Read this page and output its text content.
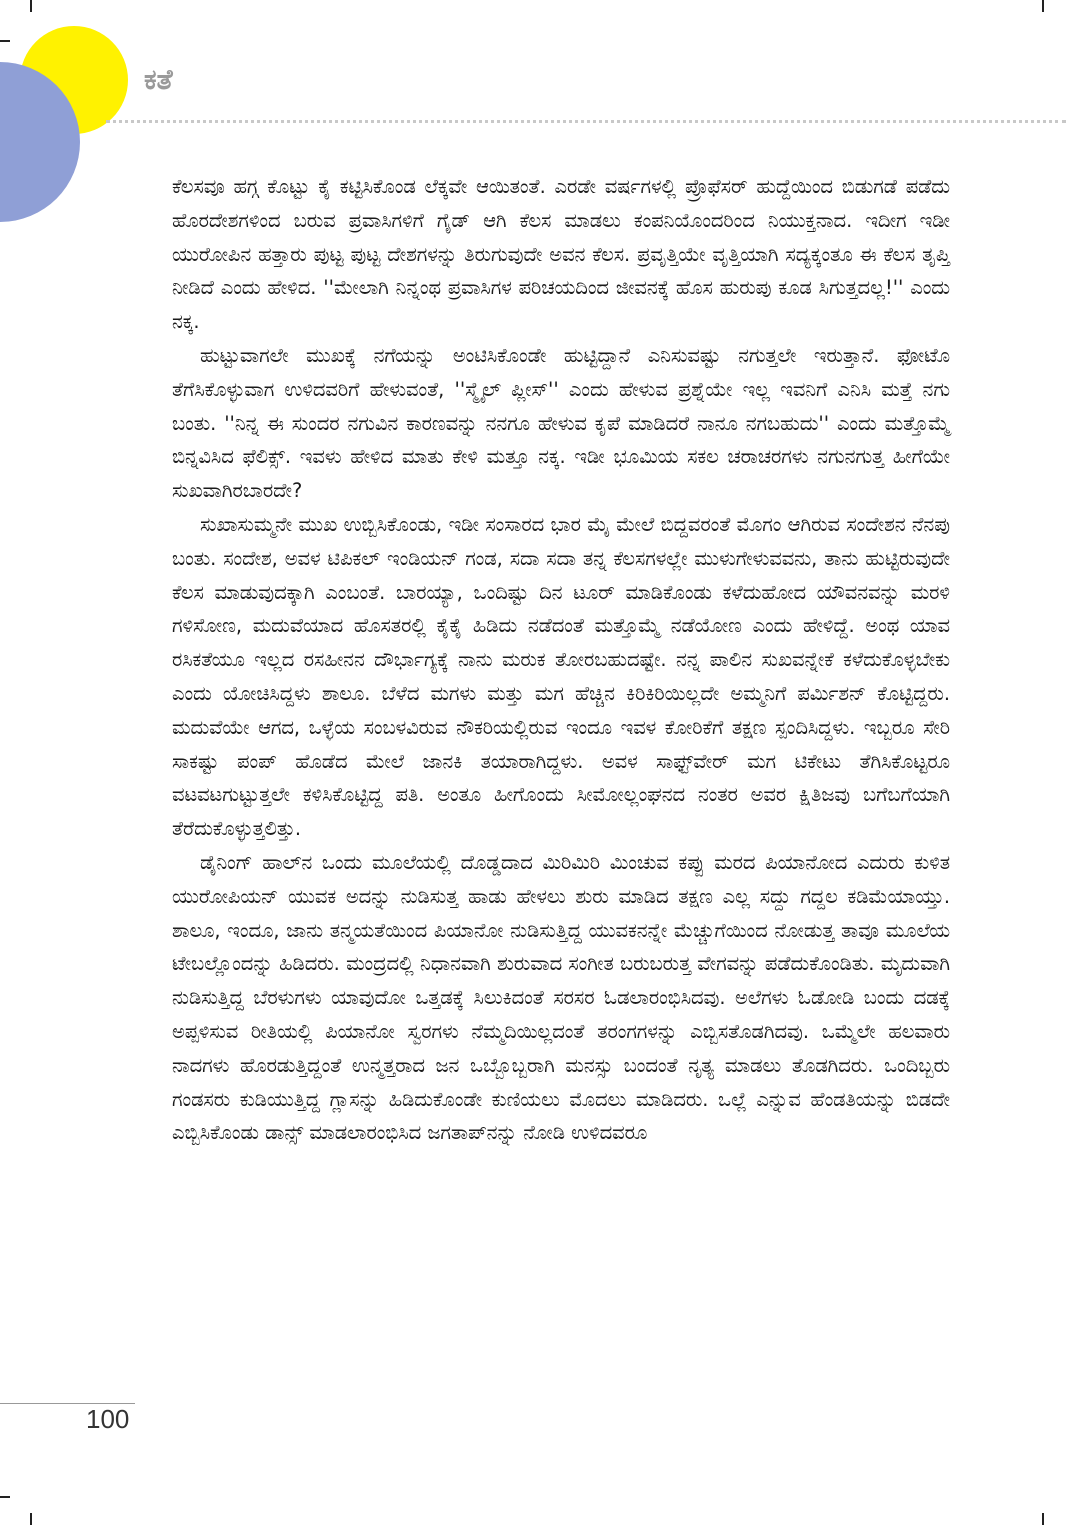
ಕತೆ

ಕೆಲಸವೂ ಹಗ್ಗ ಕೊಟ್ಟು ಕೈ ಕಟ್ಟಿಸಿಕೊಂಡ ಲೆಕ್ಕವೇ ಆಯಿತಂತೆ. ಎರಡೇ ವರ್ಷಗಳಲ್ಲಿ ಪ್ರೊಫೆಸರ್ ಹುದ್ದೆಯಿಂದ ಬಿಡುಗಡೆ ಪಡೆದು ಹೊರದೇಶಗಳಿಂದ ಬರುವ ಪ್ರವಾಸಿಗಳಿಗೆ ಗೈಡ್ ಆಗಿ ಕೆಲಸ ಮಾಡಲು ಕಂಪನಿಯೊಂದರಿಂದ ನಿಯುಕ್ತನಾದ. ಇದೀಗ ಇಡೀ ಯುರೋಪಿನ ಹತ್ತಾರು ಪುಟ್ಟ ಪುಟ್ಟ ದೇಶಗಳನ್ನು ತಿರುಗುವುದೇ ಅವನ ಕೆಲಸ. ಪ್ರವೃತ್ತಿಯೇ ವೃತ್ತಿಯಾಗಿ ಸದ್ಯಕ್ಕಂತೂ ಈ ಕೆಲಸ ತೃಪ್ತಿ ನೀಡಿದೆ ಎಂದು ಹೇಳಿದ. ''ಮೇಲಾಗಿ ನಿನ್ನಂಥ ಪ್ರವಾಸಿಗಳ ಪರಿಚಯದಿಂದ ಜೀವನಕ್ಕೆ ಹೊಸ ಹುರುಪು ಕೂಡ ಸಿಗುತ್ತದಲ್ಲ!'' ಎಂದು ನಕ್ಕ.

ಹುಟ್ಟುವಾಗಲೇ ಮುಖಕ್ಕೆ ನಗೆಯನ್ನು ಅಂಟಿಸಿಕೊಂಡೇ ಹುಟ್ಟಿದ್ದಾನೆ ಎನಿಸುವಷ್ಟು ನಗುತ್ತಲೇ ಇರುತ್ತಾನೆ. ಫೋಟೊ ತೆಗೆಸಿಕೊಳ್ಳುವಾಗ ಉಳಿದವರಿಗೆ ಹೇಳುವಂತೆ, ''ಸ್ಮೈಲ್ ಪ್ಲೀಸ್'' ಎಂದು ಹೇಳುವ ಪ್ರಶ್ನೆಯೇ ಇಲ್ಲ ಇವನಿಗೆ ಎನಿಸಿ ಮತ್ತೆ ನಗು ಬಂತು. ''ನಿನ್ನ ಈ ಸುಂದರ ನಗುವಿನ ಕಾರಣವನ್ನು ನನಗೂ ಹೇಳುವ ಕೃಪೆ ಮಾಡಿದರೆ ನಾನೂ ನಗಬಹುದು'' ಎಂದು ಮತ್ತೊಮ್ಮೆ ಬಿನ್ನವಿಸಿದ ಫೆಲಿಕ್ಸ್. ಇವಳು ಹೇಳಿದ ಮಾತು ಕೇಳಿ ಮತ್ತೂ ನಕ್ಕ. ಇಡೀ ಭೂಮಿಯ ಸಕಲ ಚರಾಚರಗಳು ನಗುನಗುತ್ತ ಹೀಗೆಯೇ ಸುಖವಾಗಿರಬಾರದೇ?

ಸುಖಾಸುಮ್ಮನೇ ಮುಖ ಉಬ್ಬಿಸಿಕೊಂಡು, ಇಡೀ ಸಂಸಾರದ ಭಾರ ಮೈ ಮೇಲೆ ಬಿದ್ದವರಂತೆ ಮೊಗಂ ಆಗಿರುವ ಸಂದೇಶನ ನೆನಪು ಬಂತು. ಸಂದೇಶ, ಅವಳ ಟಿಪಿಕಲ್ ಇಂಡಿಯನ್ ಗಂಡ, ಸದಾ ಸದಾ ತನ್ನ ಕೆಲಸಗಳಲ್ಲೇ ಮುಳುಗೇಳುವವನು, ತಾನು ಹುಟ್ಟಿರುವುದೇ ಕೆಲಸ ಮಾಡುವುದಕ್ಕಾಗಿ ಎಂಬಂತೆ. ಬಾರಯ್ಯಾ, ಒಂದಿಷ್ಟು ದಿನ ಟೂರ್ ಮಾಡಿಕೊಂಡು ಕಳೆದುಹೋದ ಯೌವನವನ್ನು ಮರಳಿ ಗಳಿಸೋಣ, ಮದುವೆಯಾದ ಹೊಸತರಲ್ಲಿ ಕೈಕೈ ಹಿಡಿದು ನಡೆದಂತೆ ಮತ್ತೊಮ್ಮೆ ನಡೆಯೋಣ ಎಂದು ಹೇಳಿದ್ದೆ. ಅಂಥ ಯಾವ ರಸಿಕತೆಯೂ ಇಲ್ಲದ ರಸಹೀನನ ದೌರ್ಭಾಗ್ಯಕ್ಕೆ ನಾನು ಮರುಕ ತೋರಬಹುದಷ್ಟೇ. ನನ್ನ ಪಾಲಿನ ಸುಖವನ್ನೇಕೆ ಕಳೆದುಕೊಳ್ಳಬೇಕು ಎಂದು ಯೋಚಿಸಿದ್ದಳು ಶಾಲೂ. ಬೆಳೆದ ಮಗಳು ಮತ್ತು ಮಗ ಹೆಚ್ಚಿನ ಕಿರಿಕಿರಿಯಿಲ್ಲದೇ ಅಮ್ಮನಿಗೆ ಪರ್ಮಿಶನ್ ಕೊಟ್ಟಿದ್ದರು. ಮದುವೆಯೇ ಆಗದ, ಒಳ್ಳೆಯ ಸಂಬಳವಿರುವ ನೌಕರಿಯಲ್ಲಿರುವ ಇಂದೂ ಇವಳ ಕೋರಿಕೆಗೆ ತಕ್ಷಣ ಸ್ಪಂದಿಸಿದ್ದಳು. ಇಬ್ಬರೂ ಸೇರಿ ಸಾಕಷ್ಟು ಪಂಪ್ ಹೊಡೆದ ಮೇಲೆ ಜಾನಕಿ ತಯಾರಾಗಿದ್ದಳು. ಅವಳ ಸಾಫ್ಟ್‌ವೇರ್ ಮಗ ಟಿಕೇಟು ತೆಗಿಸಿಕೊಟ್ಟರೂ ವಟವಟಗುಟ್ಟುತ್ತಲೇ ಕಳಿಸಿಕೊಟ್ಟಿದ್ದ ಪತಿ. ಅಂತೂ ಹೀಗೊಂದು ಸೀಮೋಲ್ಲಂಘನದ ನಂತರ ಅವರ ಕ್ಷಿತಿಜವು ಬಗೆಬಗೆಯಾಗಿ ತೆರೆದುಕೊಳ್ಳುತ್ತಲಿತ್ತು.

ಡೈನಿಂಗ್ ಹಾಲ್‌ನ ಒಂದು ಮೂಲೆಯಲ್ಲಿ ದೊಡ್ಡದಾದ ಮಿರಿಮಿರಿ ಮಿಂಚುವ ಕಪ್ಪು ಮರದ ಪಿಯಾನೋದ ಎದುರು ಕುಳಿತ ಯುರೋಪಿಯನ್ ಯುವಕ ಅದನ್ನು ನುಡಿಸುತ್ತ ಹಾಡು ಹೇಳಲು ಶುರು ಮಾಡಿದ ತಕ್ಷಣ ಎಲ್ಲ ಸದ್ದು ಗದ್ದಲ ಕಡಿಮೆಯಾಯ್ತು. ಶಾಲೂ, ಇಂದೂ, ಜಾನು ತನ್ಮಯತೆಯಿಂದ ಪಿಯಾನೋ ನುಡಿಸುತ್ತಿದ್ದ ಯುವಕನನ್ನೇ ಮೆಚ್ಚುಗೆಯಿಂದ ನೋಡುತ್ತ ತಾವೂ ಮೂಲೆಯ ಟೇಬಲ್ಲೊಂದನ್ನು ಹಿಡಿದರು. ಮಂದ್ರದಲ್ಲಿ ನಿಧಾನವಾಗಿ ಶುರುವಾದ ಸಂಗೀತ ಬರುಬರುತ್ತ ವೇಗವನ್ನು ಪಡೆದುಕೊಂಡಿತು. ಮೃದುವಾಗಿ ನುಡಿಸುತ್ತಿದ್ದ ಬೆರಳುಗಳು ಯಾವುದೋ ಒತ್ತಡಕ್ಕೆ ಸಿಲುಕಿದಂತೆ ಸರಸರ ಓಡಲಾರಂಭಿಸಿದವು. ಅಲೆಗಳು ಓಡೋಡಿ ಬಂದು ದಡಕ್ಕೆ ಅಪ್ಪಳಿಸುವ ರೀತಿಯಲ್ಲಿ ಪಿಯಾನೋ ಸ್ವರಗಳು ನೆಮ್ಮದಿಯಿಲ್ಲದಂತೆ ತರಂಗಗಳನ್ನು ಎಬ್ಬಿಸತೊಡಗಿದವು. ಒಮ್ಮೆಲೇ ಹಲವಾರು ನಾದಗಳು ಹೊರಡುತ್ತಿದ್ದಂತೆ ಉನ್ಮತ್ತರಾದ ಜನ ಒಬ್ಬೊಬ್ಬರಾಗಿ ಮನಸ್ಸು ಬಂದಂತೆ ನೃತ್ಯ ಮಾಡಲು ತೊಡಗಿದರು. ಒಂದಿಬ್ಬರು ಗಂಡಸರು ಕುಡಿಯುತ್ತಿದ್ದ ಗ್ಲಾಸನ್ನು ಹಿಡಿದುಕೊಂಡೇ ಕುಣಿಯಲು ಮೊದಲು ಮಾಡಿದರು. ಒಲ್ಲೆ ಎನ್ನುವ ಹೆಂಡತಿಯನ್ನು ಬಿಡದೇ ಎಬ್ಬಿಸಿಕೊಂಡು ಡಾನ್ಸ್ ಮಾಡಲಾರಂಭಿಸಿದ ಜಗತಾಪ್‌ನನ್ನು ನೋಡಿ ಉಳಿದವರೂ

100
